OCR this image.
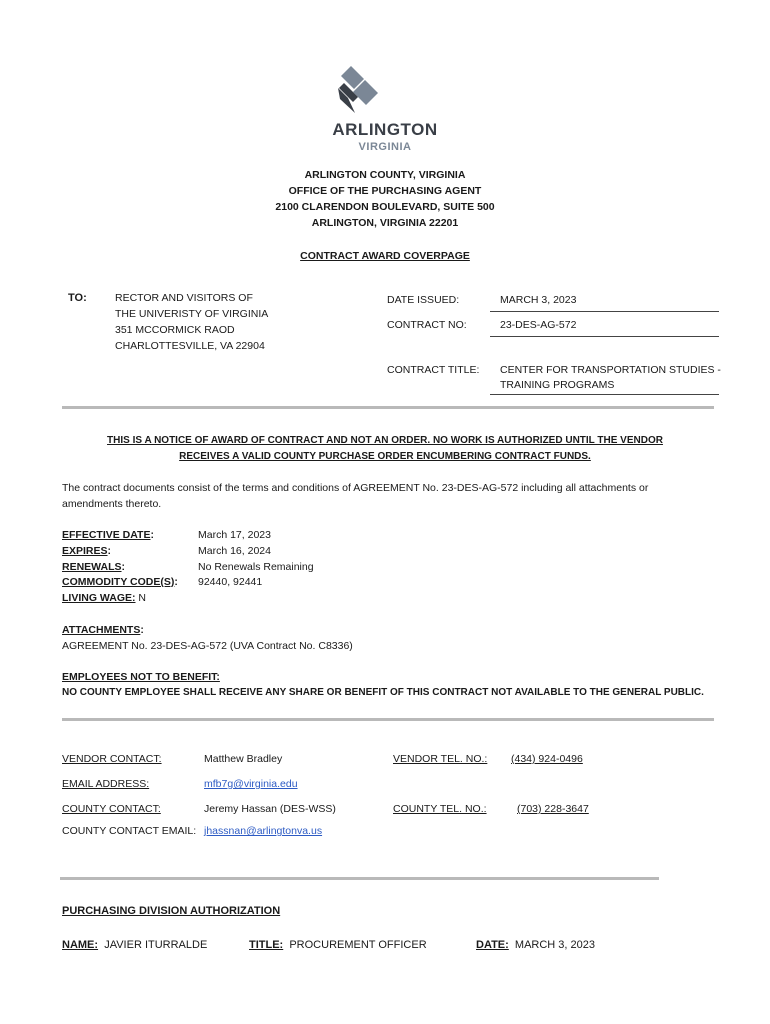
ARLINGTON
VIRGINIA
ARLINGTON COUNTY, VIRGINIA
OFFICE OF THE PURCHASING AGENT
2100 CLARENDON BOULEVARD, SUITE 500
ARLINGTON, VIRGINIA 22201
CONTRACT AWARD COVERPAGE
TO:	RECTOR AND VISITORS OF
THE UNIVERISTY OF VIRGINIA
351 MCCORMICK RAOD
CHARLOTTESVILLE, VA 22904
DATE ISSUED:	MARCH 3, 2023
CONTRACT NO:	23-DES-AG-572
CONTRACT TITLE: CENTER FOR TRANSPORTATION STUDIES -
TRAINING PROGRAMS
THIS IS A NOTICE OF AWARD OF CONTRACT AND NOT AN ORDER. NO WORK IS AUTHORIZED UNTIL THE VENDOR
RECEIVES A VALID COUNTY PURCHASE ORDER ENCUMBERING CONTRACT FUNDS.
The contract documents consist of the terms and conditions of AGREEMENT No. 23-DES-AG-572 including all attachments or
amendments thereto.
EFFECTIVE DATE:	March 17, 2023
EXPIRES:	March 16, 2024
RENEWALS:	No Renewals Remaining
COMMODITY CODE(S): 92440, 92441
LIVING WAGE: N
ATTACHMENTS:
AGREEMENT No. 23-DES-AG-572 (UVA Contract No. C8336)
EMPLOYEES NOT TO BENEFIT:
NO COUNTY EMPLOYEE SHALL RECEIVE ANY SHARE OR BENEFIT OF THIS CONTRACT NOT AVAILABLE TO THE GENERAL PUBLIC.
VENDOR CONTACT:	Matthew Bradley	VENDOR TEL. NO.: (434) 924-0496
EMAIL ADDRESS:	mfb7g@virginia.edu
COUNTY CONTACT:	Jeremy Hassan (DES-WSS)	COUNTY TEL. NO.:	(703) 228-3647
COUNTY CONTACT EMAIL: jhassnan@arlingtonva.us
PURCHASING DIVISION AUTHORIZATION
NAME: JAVIER ITURRALDE	TITLE: PROCUREMENT OFFICER	DATE: MARCH 3, 2023
